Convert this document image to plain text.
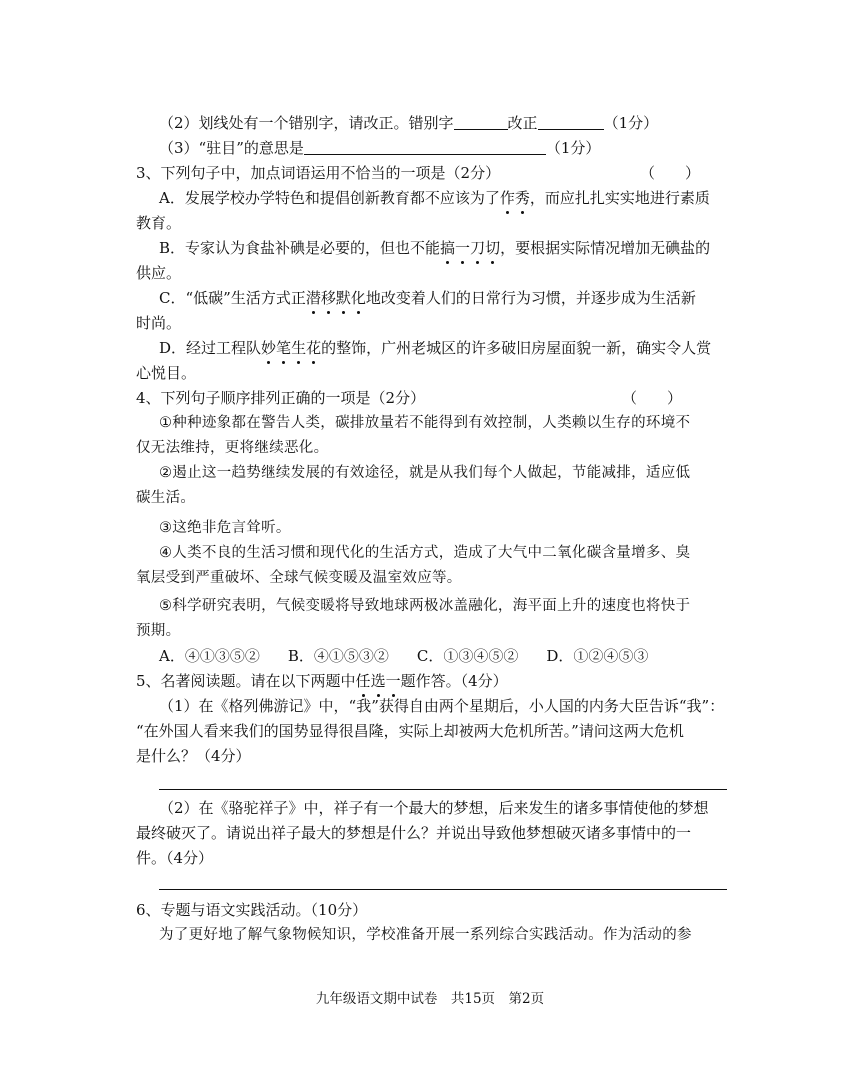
（2）划线处有一个错别字，请改正。错别字	改正	（1分）
（3）“驻目”的意思是	（1分）
3、下列句子中，加点词语运用不恰当的一项是（2分）	（　　）
A．发展学校办学特色和提倡创新教育都不应该为了作秀，而应扎扎实实地进行素质
教育。
B．专家认为食盐补碘是必要的，但也不能搞一刀切，要根据实际情况增加无碘盐的
供应。
C．“低碳”生活方式正潜移默化地改变着人们的日常行为习惯，并逐步成为生活新
时尚。
D．经过工程队妙笔生花的整饰，广州老城区的许多破旧房屋面貌一新，确实令人赏
心悦目。
4、下列句子顺序排列正确的一项是（2分）	（　　）
①种种迹象都在警告人类，碳排放量若不能得到有效控制，人类赖以生存的环境不
仅无法维持，更将继续恶化。
②遏止这一趋势继续发展的有效途径，就是从我们每个人做起，节能减排，适应低
碳生活。
③这绝非危言耸听。
④人类不良的生活习惯和现代化的生活方式，造成了大气中二氧化碳含量增多、臭
氧层受到严重破坏、全球气候变暖及温室效应等。
⑤科学研究表明，气候变暖将导致地球两极冰盖融化，海平面上升的速度也将快于
预期。
A．④①③⑤② B．④①⑤③② C．①③④⑤② D．①②④⑤③
5、名著阅读题。请在以下两题中任选一题作答。（4分）
（1）在《格列佛游记》中，“我”获得自由两个星期后，小人国的内务大臣告诉“我”：
“在外国人看来我们的国势显得很昌隆，实际上却被两大危机所苦。”请问这两大危机
是什么？（4分）
（2）在《骆驼祥子》中，祥子有一个最大的梦想，后来发生的诸多事情使他的梦想
最终破灭了。请说出祥子最大的梦想是什么？并说出导致他梦想破灭诸多事情中的一
件。（4分）
6、专题与语文实践活动。（10分）
为了更好地了解气象物候知识，学校准备开展一系列综合实践活动。作为活动的参
九年级语文期中试卷　共15页　第2页
